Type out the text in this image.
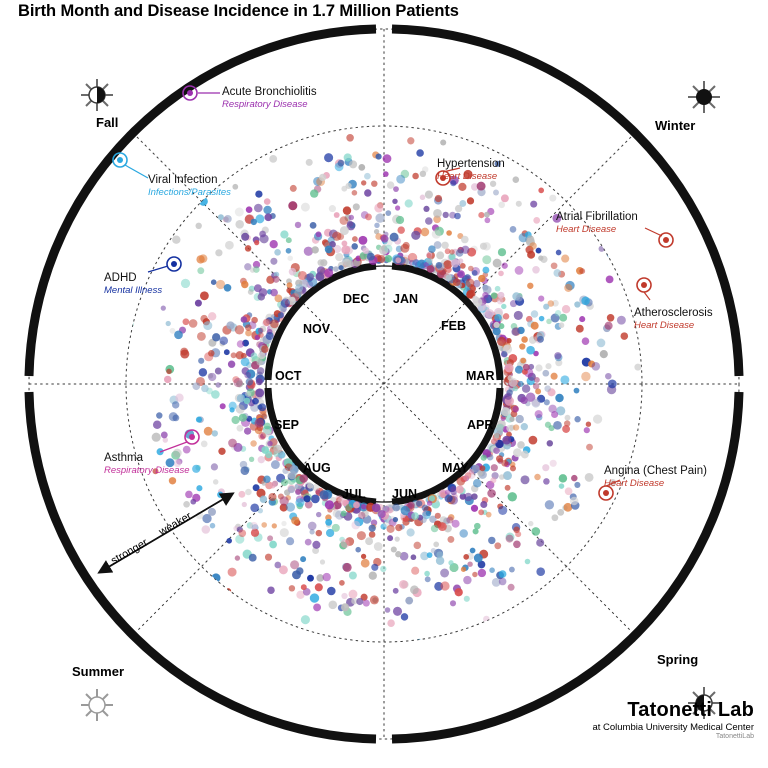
Birth Month and Disease Incidence in 1.7 Million Patients
Fall	Winter
Summer
Spring
JAN
FEB
MAR
APR
MAY
JUN
JUL
AUG
SEP
OCT
NOV
DEC
Acute Bronchiolitis
Respiratory Disease
Viral Infection
Infections/Parasites
ADHD
Mental Illness
Asthma
Respiratory Disease
Hypertension
Heart Disease
Atrial Fibrillation
Heart Disease
Atherosclerosis
Heart Disease
Angina (Chest Pain)
Heart Disease
stronger
weaker
Tatonetti Lab
at Columbia University Medical Center
TatonettiLab
